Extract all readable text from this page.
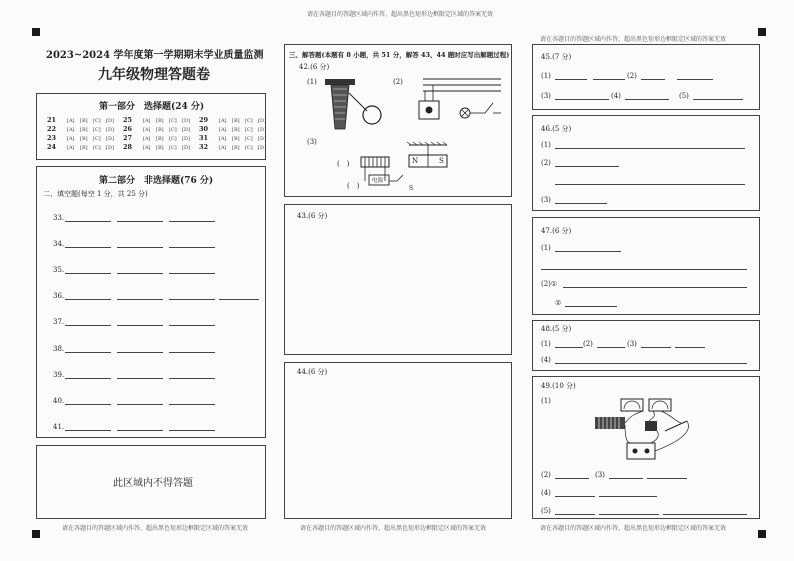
请在各题目的答题区域内作答，超出黑色矩形边框限定区域的答案无效
请在各题目的答题区域内作答，超出黑色矩形边框限定区域的答案无效
请在各题目的答题区域内作答，超出黑色矩形边框限定区域的答案无效	请在各题目的答题区域内作答，超出黑色矩形边框限定区域的答案无效	请在各题目的答题区域内作答，超出黑色矩形边框限定区域的答案无效
2023~2024 学年度第一学期期末学业质量监测
九年级物理答题卷
第一部分　选择题(24 分)
21 [A] [B] [C] [D]
22 [A] [B] [C] [D]
23 [A] [B] [C] [D]
24 [A] [B] [C] [D]
25 [A] [B] [C] [D]
26 [A] [B] [C] [D]
27 [A] [B] [C] [D]
28 [A] [B] [C] [D]
29 [A] [B] [C] [D]
30 [A] [B] [C] [D]
31 [A] [B] [C] [D]
32 [A] [B] [C] [D]
第二部分　非选择题(76 分)
二、填空题(每空 1 分，共 25 分)
33.
34.
35.
36.
37.
38.
39.
40.
41.
此区域内不得答题
三、解答题(本题有 8 小题，共 51 分，解答 43、44 题时应写出解题过程)
42.(6 分)
(1)	(2)
(3)
(　)
(　)
N	S
电源
S
43.(6 分)
44.(6 分)
45.(7 分)
(1)	(2)
(3)	(4)	(5)
46.(5 分)
(1)
(2)
(3)
47.(6 分)
(1)
(2)①
②
48.(5 分)
(1)	(2)	(3)
(4)
49.(10 分)
(1)
(2)	(3)
(4)
(5)
